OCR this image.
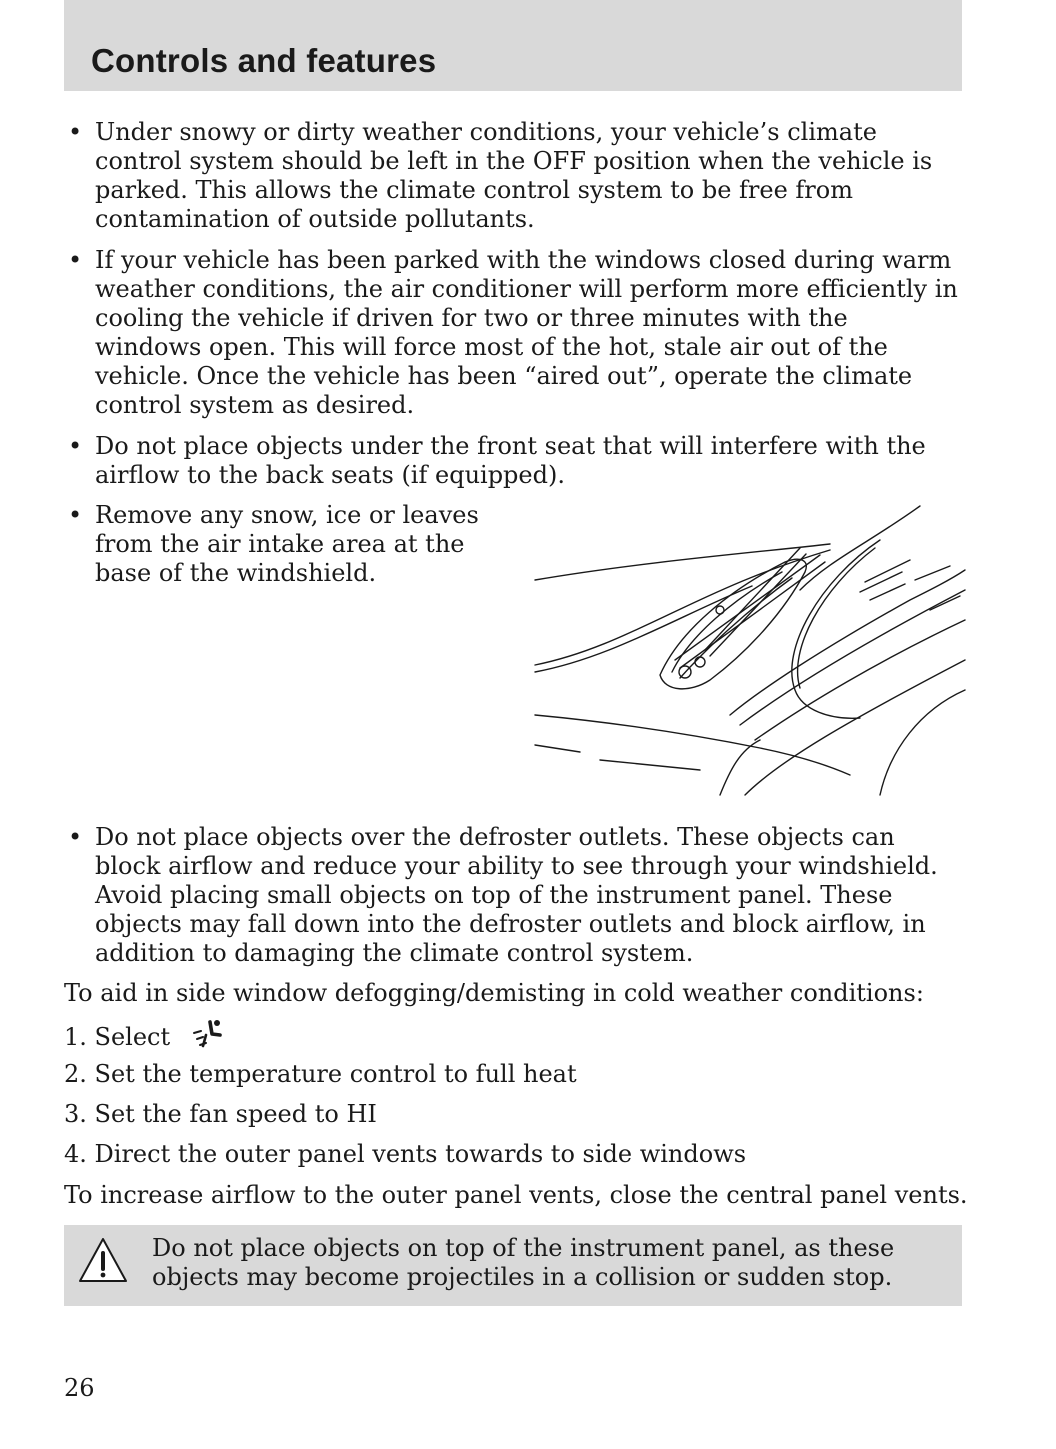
Controls and features
• Under snowy or dirty weather conditions, your vehicle’s climate
control system should be left in the OFF position when the vehicle is
parked. This allows the climate control system to be free from
contamination of outside pollutants.
• If your vehicle has been parked with the windows closed during warm
weather conditions, the air conditioner will perform more efficiently in
cooling the vehicle if driven for two or three minutes with the
windows open. This will force most of the hot, stale air out of the
vehicle. Once the vehicle has been “aired out”, operate the climate
control system as desired.
• Do not place objects under the front seat that will interfere with the
airflow to the back seats (if equipped).
• Remove any snow, ice or leaves
from the air intake area at the
base of the windshield.
• Do not place objects over the defroster outlets. These objects can
block airflow and reduce your ability to see through your windshield.
Avoid placing small objects on top of the instrument panel. These
objects may fall down into the defroster outlets and block airflow, in
addition to damaging the climate control system.
To aid in side window defogging/demisting in cold weather conditions:
1. Select
2. Set the temperature control to full heat
3. Set the fan speed to HI
4. Direct the outer panel vents towards to side windows
To increase airflow to the outer panel vents, close the central panel vents.
Do not place objects on top of the instrument panel, as these
objects may become projectiles in a collision or sudden stop.
26
